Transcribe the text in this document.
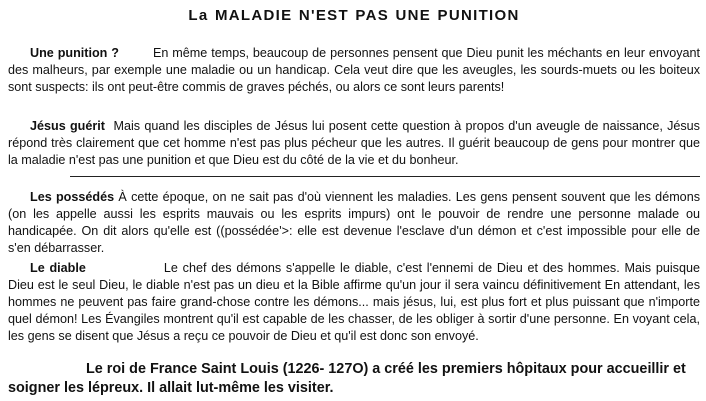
La MALADIE N'EST PAS UNE PUNITION
Une punition ?	En même temps, beaucoup de personnes pensent que Dieu punit les méchants en leur envoyant des malheurs, par exemple une maladie ou un handicap. Cela veut dire que les aveugles, les sourds-muets ou les boiteux sont suspects: ils ont peut-être commis de graves péchés, ou alors ce sont leurs parents!
Jésus guérit Mais quand les disciples de Jésus lui posent cette question à propos d'un aveugle de naissance, Jésus répond très clairement que cet homme n'est pas plus pécheur que les autres. Il guérit beaucoup de gens pour montrer que la maladie n'est pas une punition et que Dieu est du côté de la vie et du bonheur.
Les possédés À cette époque, on ne sait pas d'où viennent les maladies. Les gens pensent souvent que les démons (on les appelle aussi les esprits mauvais ou les esprits impurs) ont le pouvoir de rendre une personne malade ou handicapée. On dit alors qu'elle est ((possédée'>: elle est devenue l'esclave d'un démon et c'est impossible pour elle de s'en débarrasser.
Le diable	Le chef des démons s'appelle le diable, c'est l'ennemi de Dieu et des hommes. Mais puisque Dieu est le seul Dieu, le diable n'est pas un dieu et la Bible affirme qu'un jour il sera vaincu définitivement En attendant, les hommes ne peuvent pas faire grand-chose contre les démons... mais jésus, lui, est plus fort et plus puissant que n'importe quel démon! Les Évangiles montrent qu'il est capable de les chasser, de les obliger à sortir d'une personne. En voyant cela, les gens se disent que Jésus a reçu ce pouvoir de Dieu et qu'il est donc son envoyé.
Le roi de France Saint Louis (1226- 127O) a créé les premiers hôpitaux pour accueillir et soigner les lépreux. Il allait lut-même les visiter.
